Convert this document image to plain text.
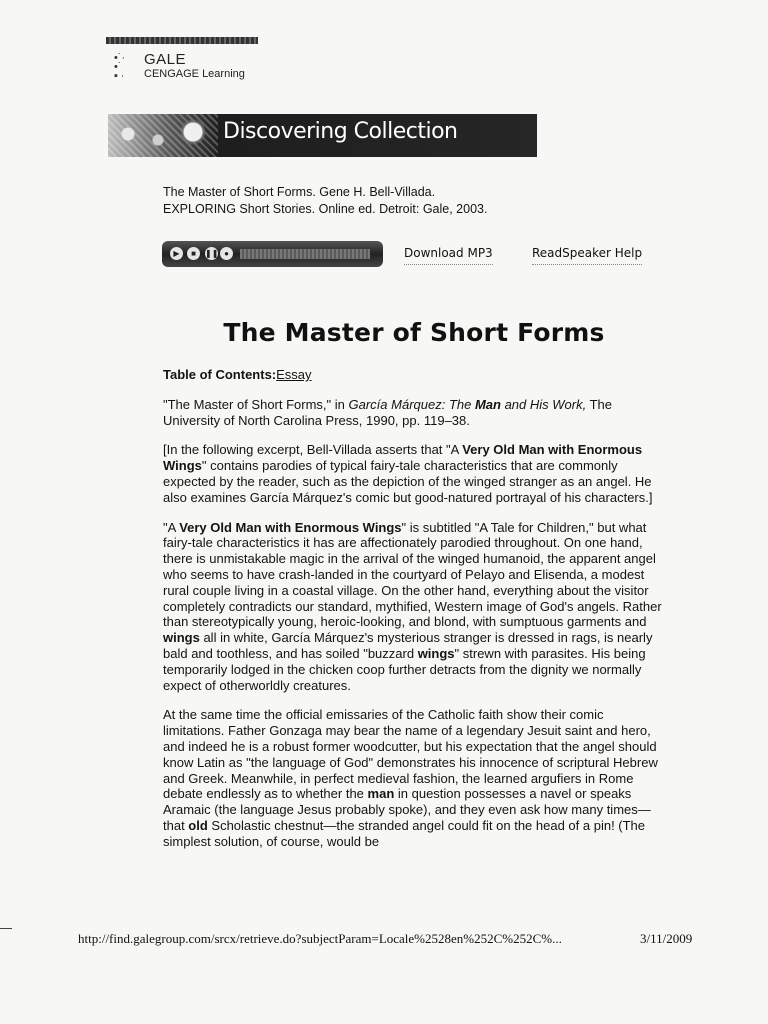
•˙·
•˙
▪ ∙
GALE
CENGAGE Learning
Discovering Collection

The Master of Short Forms. Gene H. Bell-Villada.

EXPLORING Short Stories. Online ed. Detroit: Gale, 2003.

▶	■	❚❚ ●	Download MP3	ReadSpeaker Help
The Master of Short Forms

Table of Contents:Essay

"The Master of Short Forms," in García Márquez: The Man and His Work, The University of North Carolina Press, 1990, pp. 119–38.

[In the following excerpt, Bell-Villada asserts that "A Very Old Man with Enormous Wings" contains parodies of typical fairy-tale characteristics that are commonly expected by the reader, such as the depiction of the winged stranger as an angel. He also examines García Márquez's comic but good-natured portrayal of his characters.]

"A Very Old Man with Enormous Wings" is subtitled "A Tale for Children," but what fairy-tale characteristics it has are affectionately parodied throughout. On one hand, there is unmistakable magic in the arrival of the winged humanoid, the apparent angel who seems to have crash-landed in the courtyard of Pelayo and Elisenda, a modest rural couple living in a coastal village. On the other hand, everything about the visitor completely contradicts our standard, mythified, Western image of God's angels. Rather than stereotypically young, heroic-looking, and blond, with sumptuous garments and wings all in white, García Márquez's mysterious stranger is dressed in rags, is nearly bald and toothless, and has soiled "buzzard wings" strewn with parasites. His being temporarily lodged in the chicken coop further detracts from the dignity we normally expect of otherworldly creatures.

At the same time the official emissaries of the Catholic faith show their comic limitations. Father Gonzaga may bear the name of a legendary Jesuit saint and hero, and indeed he is a robust former woodcutter, but his expectation that the angel should know Latin as "the language of God" demonstrates his innocence of scriptural Hebrew and Greek. Meanwhile, in perfect medieval fashion, the learned argufiers in Rome debate endlessly as to whether the man in question possesses a navel or speaks Aramaic (the language Jesus probably spoke), and they even ask how many times—that old Scholastic chestnut—the stranded angel could fit on the head of a pin! (The simplest solution, of course, would be

http://find.galegroup.com/srcx/retrieve.do?subjectParam=Locale%2528en%252C%252C%...	3/11/2009
